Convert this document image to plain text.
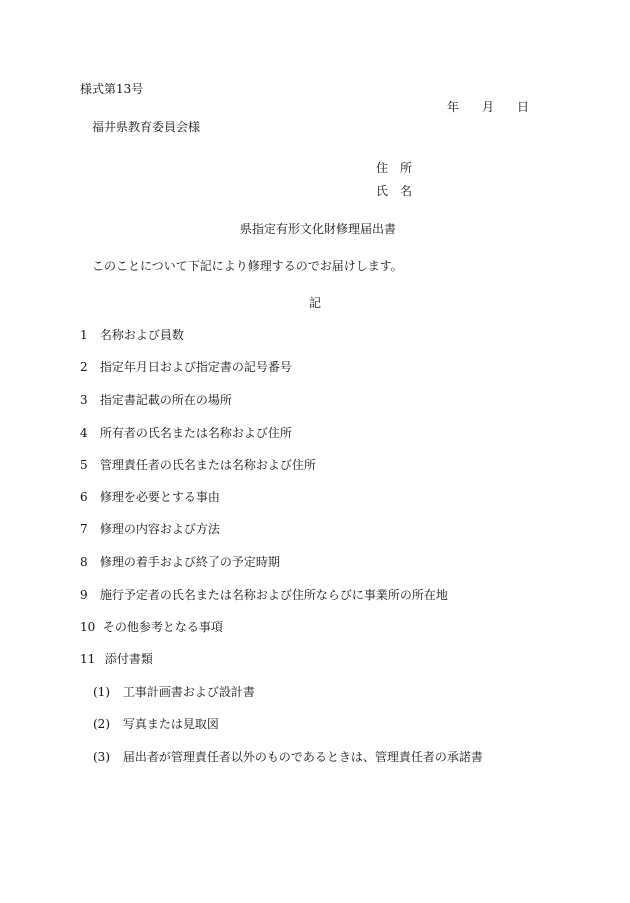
様式第13号
年 月 日
福井県教育委員会様
住　所
氏　名
県指定有形文化財修理届出書
このことについて下記により修理するのでお届けします。
記
1 名称および員数
2 指定年月日および指定書の記号番号
3 指定書記載の所在の場所
4 所有者の氏名または名称および住所
5 管理責任者の氏名または名称および住所
6 修理を必要とする事由
7 修理の内容および方法
8 修理の着手および終了の予定時期
9 施行予定者の氏名または名称および住所ならびに事業所の所在地
10 その他参考となる事項
11 添付書類
(1) 工事計画書および設計書
(2) 写真または見取図
(3) 届出者が管理責任者以外のものであるときは、管理責任者の承諾書
